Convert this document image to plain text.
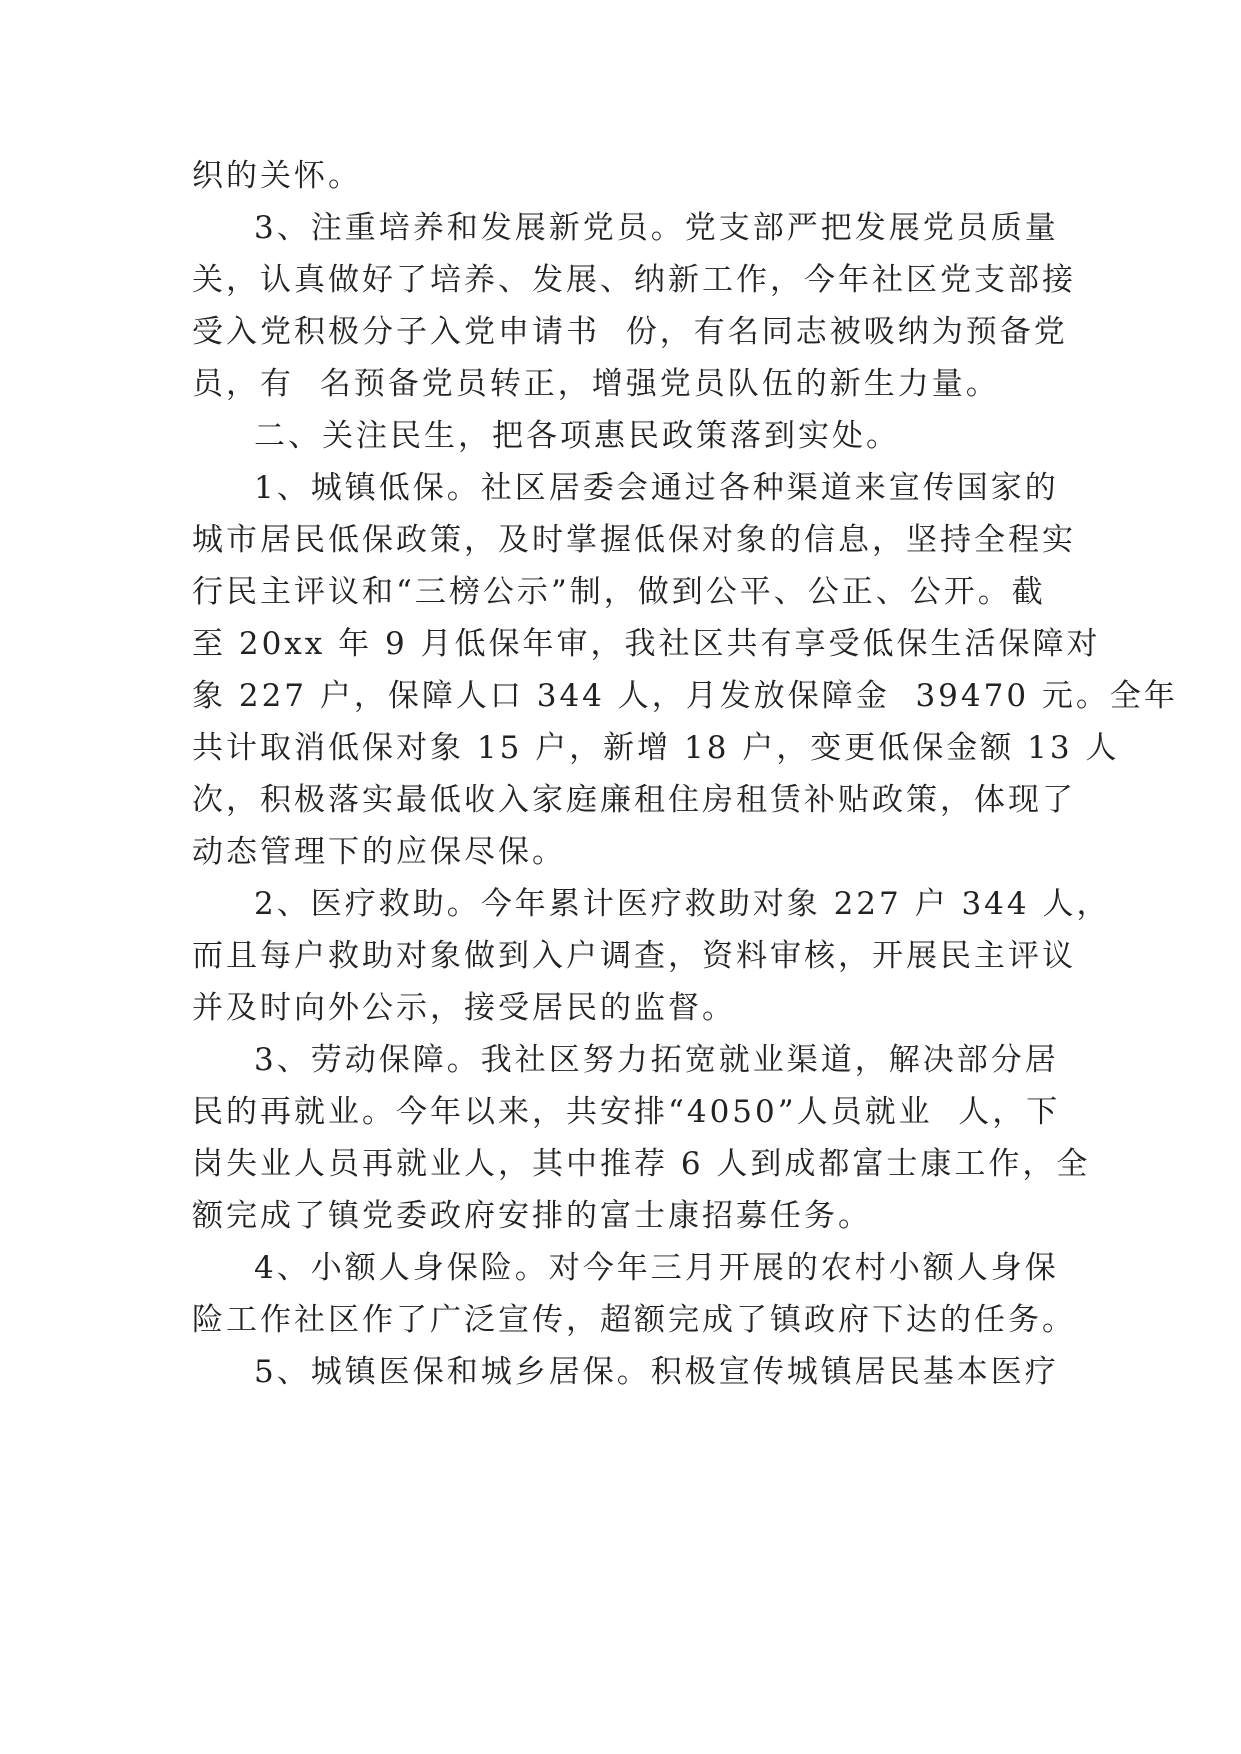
织的关怀。
3、注重培养和发展新党员。党支部严把发展党员质量
关，认真做好了培养、发展、纳新工作，今年社区党支部接
受入党积极分子入党申请书  份，有名同志被吸纳为预备党
员，有  名预备党员转正，增强党员队伍的新生力量。
二、关注民生，把各项惠民政策落到实处。
1、城镇低保。社区居委会通过各种渠道来宣传国家的
城市居民低保政策，及时掌握低保对象的信息，坚持全程实
行民主评议和“三榜公示”制，做到公平、公正、公开。截
至 20xx 年 9 月低保年审，我社区共有享受低保生活保障对
象 227 户，保障人口 344 人，月发放保障金  39470 元。全年
共计取消低保对象 15 户，新增 18 户，变更低保金额 13 人
次，积极落实最低收入家庭廉租住房租赁补贴政策，体现了
动态管理下的应保尽保。
2、医疗救助。今年累计医疗救助对象 227 户 344 人，
而且每户救助对象做到入户调查，资料审核，开展民主评议
并及时向外公示，接受居民的监督。
3、劳动保障。我社区努力拓宽就业渠道，解决部分居
民的再就业。今年以来，共安排“4050”人员就业  人，下
岗失业人员再就业人，其中推荐 6 人到成都富士康工作，全
额完成了镇党委政府安排的富士康招募任务。
4、小额人身保险。对今年三月开展的农村小额人身保
险工作社区作了广泛宣传，超额完成了镇政府下达的任务。
5、城镇医保和城乡居保。积极宣传城镇居民基本医疗
